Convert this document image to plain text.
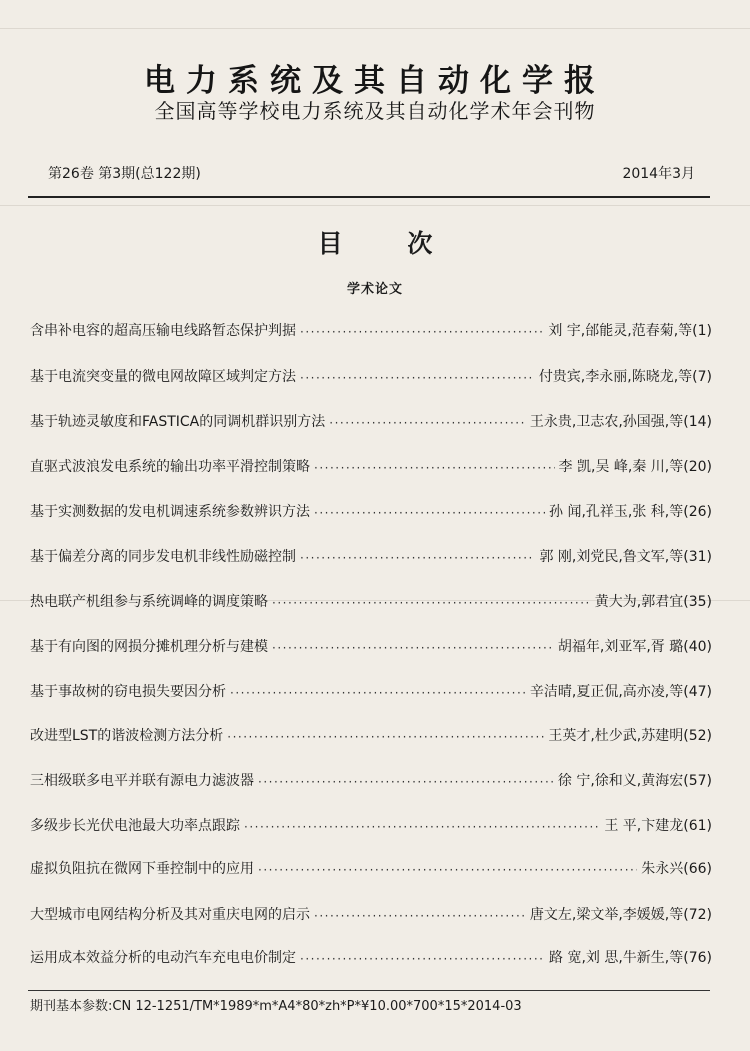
电力系统及其自动化学报
全国高等学校电力系统及其自动化学术年会刊物
第26卷 第3期(总122期)	2014年3月
目 次
学术论文
含串补电容的超高压输电线路暂态保护判据 ·····	刘 宇,邰能灵,范春菊,等(1)
基于电流突变量的微电网故障区域判定方法 ·····	付贵宾,李永丽,陈晓龙,等(7)
基于轨迹灵敏度和FASTICA的同调机群识别方法 ·····	王永贵,卫志农,孙国强,等(14)
直驱式波浪发电系统的输出功率平滑控制策略 ·····	李 凯,吴 峰,秦 川,等(20)
基于实测数据的发电机调速系统参数辨识方法 ·····	孙 闻,孔祥玉,张 科,等(26)
基于偏差分离的同步发电机非线性励磁控制 ·····	郭 刚,刘党民,鲁文军,等(31)
热电联产机组参与系统调峰的调度策略 ·····	黄大为,郭君宜(35)
基于有向图的网损分摊机理分析与建模 ·····	胡福年,刘亚军,胥 璐(40)
基于事故树的窃电损失要因分析 ·····	辛洁晴,夏正侃,高亦凌,等(47)
改进型LST的谐波检测方法分析 ·····	王英才,杜少武,苏建明(52)
三相级联多电平并联有源电力滤波器 ·····	徐 宁,徐和义,黄海宏(57)
多级步长光伏电池最大功率点跟踪 ·····	王 平,卞建龙(61)
虚拟负阻抗在微网下垂控制中的应用 ·····	朱永兴(66)
大型城市电网结构分析及其对重庆电网的启示 ·····	唐文左,梁文举,李媛媛,等(72)
运用成本效益分析的电动汽车充电电价制定 ·····	路 宽,刘 思,牛新生,等(76)
期刊基本参数:CN 12-1251/TM*1989*m*A4*80*zh*P*¥10.00*700*15*2014-03
